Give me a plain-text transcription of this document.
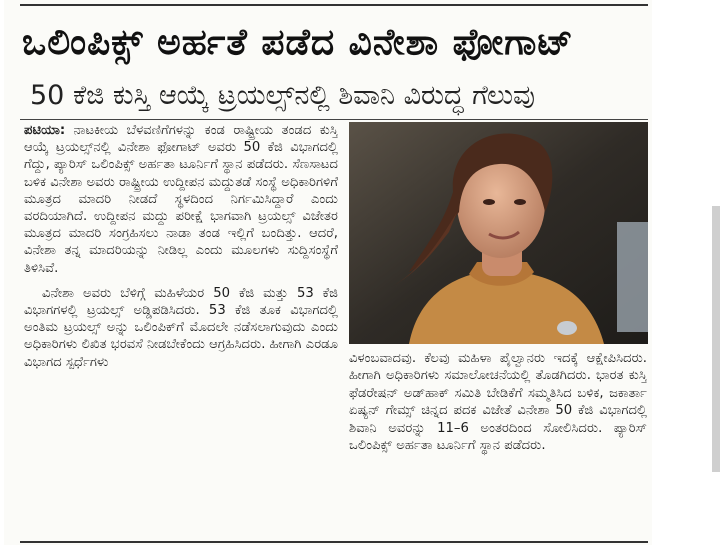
ಒಲಿಂಪಿಕ್ಸ್ ಅರ್ಹತೆ ಪಡೆದ ವಿನೇಶಾ ಫೋಗಾಟ್
50 ಕೆಜಿ ಕುಸ್ತಿ ಆಯ್ಕೆ ಟ್ರಯಲ್ಸ್‌ನಲ್ಲಿ ಶಿವಾನಿ ವಿರುದ್ಧ ಗೆಲುವು

ಪಟಿಯಾ: ನಾಟಕೀಯ ಬೆಳವಣಿಗೆಗಳನ್ನು ಕಂಡ ರಾಷ್ಟ್ರೀಯ ತಂಡದ ಕುಸ್ತಿ ಆಯ್ಕೆ ಟ್ರಯಲ್ಸ್‌ನಲ್ಲಿ ವಿನೇಶಾ ಫೋಗಾಟ್ ಅವರು 50 ಕೆಜಿ ವಿಭಾಗದಲ್ಲಿ ಗೆದ್ದು, ಪ್ಯಾರಿಸ್ ಒಲಿಂಪಿಕ್ಸ್ ಅರ್ಹತಾ ಟೂರ್ನಿಗೆ ಸ್ಥಾನ ಪಡೆದರು. ಸೆಣಸಾಟದ ಬಳಿಕ ವಿನೇಶಾ ಅವರು ರಾಷ್ಟ್ರೀಯ ಉದ್ದೀಪನ ಮದ್ದುತಡೆ ಸಂಸ್ಥೆ ಅಧಿಕಾರಿಗಳಿಗೆ ಮೂತ್ರದ ಮಾದರಿ ನೀಡದೆ ಸ್ಥಳದಿಂದ ನಿರ್ಗಮಿಸಿದ್ದಾರೆ ಎಂದು ವರದಿಯಾಗಿದೆ. ಉದ್ದೀಪನ ಮದ್ದು ಪರೀಕ್ಷೆ ಭಾಗವಾಗಿ ಟ್ರಯಲ್ಸ್ ವಿಜೇತರ ಮೂತ್ರದ ಮಾದರಿ ಸಂಗ್ರಹಿಸಲು ನಾಡಾ ತಂಡ ಇಲ್ಲಿಗೆ ಬಂದಿತ್ತು. ಆದರೆ, ವಿನೇಶಾ ತನ್ನ ಮಾದರಿಯನ್ನು ನೀಡಿಲ್ಲ ಎಂದು ಮೂಲಗಳು ಸುದ್ದಿಸಂಸ್ಥೆಗೆ ತಿಳಿಸಿವೆ.

ವಿನೇಶಾ ಅವರು ಬೆಳಿಗ್ಗೆ ಮಹಿಳೆಯರ 50 ಕೆಜಿ ಮತ್ತು 53 ಕೆಜಿ ವಿಭಾಗಗಳಲ್ಲಿ ಟ್ರಯಲ್ಸ್ ಅಡ್ಡಿಪಡಿಸಿದರು. 53 ಕೆಜಿ ತೂಕ ವಿಭಾಗದಲ್ಲಿ ಅಂತಿಮ ಟ್ರಯಲ್ಸ್ ಅನ್ನು ಒಲಿಂಪಿಕ್‌ಗೆ ಮೊದಲೇ ನಡೆಸಲಾಗುವುದು ಎಂದು ಅಧಿಕಾರಿಗಳು ಲಿಖಿತ ಭರವಸೆ ನೀಡಬೇಕೆಂದು ಆಗ್ರಹಿಸಿದರು. ಹೀಗಾಗಿ ಎರಡೂ ವಿಭಾಗದ ಸ್ಪರ್ಧೆಗಳು	ವಿಳಂಬವಾದವು. ಕೆಲವು ಮಹಿಳಾ ಪೈಲ್ವಾನರು ಇದಕ್ಕೆ ಆಕ್ಷೇಪಿಸಿದರು. ಹೀಗಾಗಿ ಅಧಿಕಾರಿಗಳು ಸಮಾಲೋಚನೆಯಲ್ಲಿ ತೊಡಗಿದರು. ಭಾರತ ಕುಸ್ತಿ ಫೆಡರೇಷನ್ ಅಡ್‌ಹಾಕ್ ಸಮಿತಿ ಬೇಡಿಕೆಗೆ ಸಮ್ಮತಿಸಿದ ಬಳಿಕ, ಜಕಾರ್ತಾ ಏಷ್ಯನ್ ಗೇಮ್ಸ್ ಚಿನ್ನದ ಪದಕ ವಿಜೇತೆ ವಿನೇಶಾ 50 ಕೆಜಿ ವಿಭಾಗದಲ್ಲಿ ಶಿವಾನಿ ಅವರನ್ನು 11–6 ಅಂತರದಿಂದ ಸೋಲಿಸಿದರು. ಪ್ಯಾರಿಸ್ ಒಲಿಂಪಿಕ್ಸ್ ಅರ್ಹತಾ ಟೂರ್ನಿಗೆ ಸ್ಥಾನ ಪಡೆದರು.
